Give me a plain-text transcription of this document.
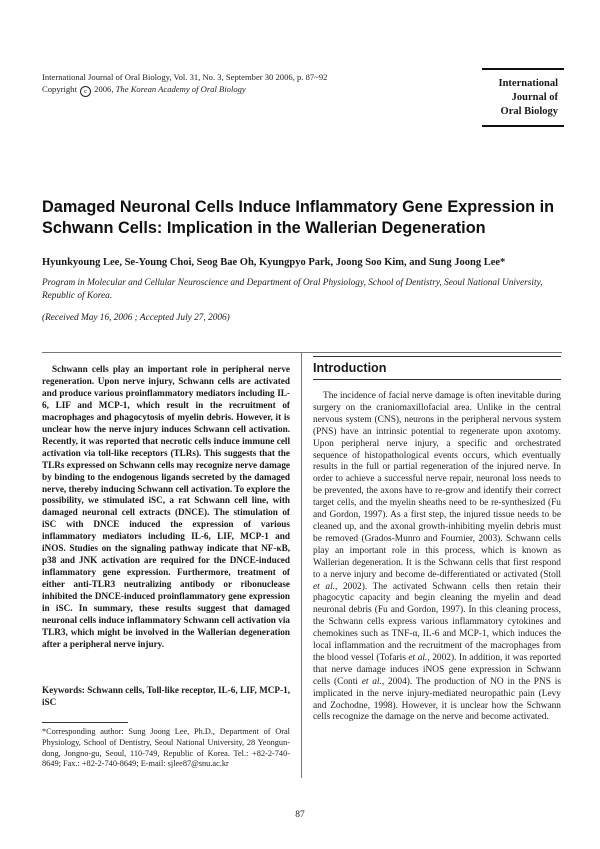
International Journal of Oral Biology, Vol. 31, No. 3, September 30 2006, p. 87~92
Copyright c 2006, The Korean Academy of Oral Biology	International
Journal of
Oral Biology
Damaged Neuronal Cells Induce Inflammatory Gene Expression in Schwann Cells: Implication in the Wallerian Degeneration
Hyunkyoung Lee, Se-Young Choi, Seog Bae Oh, Kyungpyo Park, Joong Soo Kim, and Sung Joong Lee*
Program in Molecular and Cellular Neuroscience and Department of Oral Physiology, School of Dentistry, Seoul National University, Republic of Korea.
(Received May 16, 2006 ; Accepted July 27, 2006)
Schwann cells play an important role in peripheral nerve regeneration. Upon nerve injury, Schwann cells are activated and produce various proinflammatory mediators including IL-6, LIF and MCP-1, which result in the recruitment of macrophages and phagocytosis of myelin debris. However, it is unclear how the nerve injury induces Schwann cell activation. Recently, it was reported that necrotic cells induce immune cell activation via toll-like receptors (TLRs). This suggests that the TLRs expressed on Schwann cells may recognize nerve damage by binding to the endogenous ligands secreted by the damaged nerve, thereby inducing Schwann cell activation. To explore the possibility, we stimulated iSC, a rat Schwann cell line, with damaged neuronal cell extracts (DNCE). The stimulation of iSC with DNCE induced the expression of various inflammatory mediators including IL-6, LIF, MCP-1 and iNOS. Studies on the signaling pathway indicate that NF-κB, p38 and JNK activation are required for the DNCE-induced inflammatory gene expression. Furthermore, treatment of either anti-TLR3 neutralizing antibody or ribonuclease inhibited the DNCE-induced proinflammatory gene expression in iSC. In summary, these results suggest that damaged neuronal cells induce inflammatory Schwann cell activation via TLR3, which might be involved in the Wallerian degeneration after a peripheral nerve injury.
Keywords: Schwann cells, Toll-like receptor, IL-6, LIF, MCP-1, iSC
*Corresponding author: Sung Joong Lee, Ph.D., Department of Oral Physiology, School of Dentistry, Seoul National University, 28 Yeongun-dong, Jongno-gu, Seoul, 110-749, Republic of Korea. Tel.: +82-2-740-8649; Fax.: +82-2-740-8649; E-mail: sjlee87@snu.ac.kr
Introduction
The incidence of facial nerve damage is often inevitable during surgery on the craniomaxillofacial area. Unlike in the central nervous system (CNS), neurons in the peripheral nervous system (PNS) have an intrinsic potential to regenerate upon axotomy. Upon peripheral nerve injury, a specific and orchestrated sequence of histopathological events occurs, which eventually results in the full or partial regeneration of the injured nerve. In order to achieve a successful nerve repair, neuronal loss needs to be prevented, the axons have to re-grow and identify their correct target cells, and the myelin sheaths need to be re-synthesized (Fu and Gordon, 1997). As a first step, the injured tissue needs to be cleaned up, and the axonal growth-inhibiting myelin debris must be removed (Grados-Munro and Fournier, 2003). Schwann cells play an important role in this process, which is known as Wallerian degeneration. It is the Schwann cells that first respond to a nerve injury and become de-differentiated or activated (Stoll et al., 2002). The activated Schwann cells then retain their phagocytic capacity and begin cleaning the myelin and dead neuronal debris (Fu and Gordon, 1997). In this cleaning process, the Schwann cells express various inflammatory cytokines and chemokines such as TNF-α, IL-6 and MCP-1, which induces the local inflammation and the recruitment of the macrophages from the blood vessel (Tofaris et al., 2002). In addition, it was reported that nerve damage induces iNOS gene expression in Schwann cells (Conti et al., 2004). The production of NO in the PNS is implicated in the nerve injury-mediated neuropathic pain (Levy and Zochodne, 1998). However, it is unclear how the Schwann cells recognize the damage on the nerve and become activated.
87
